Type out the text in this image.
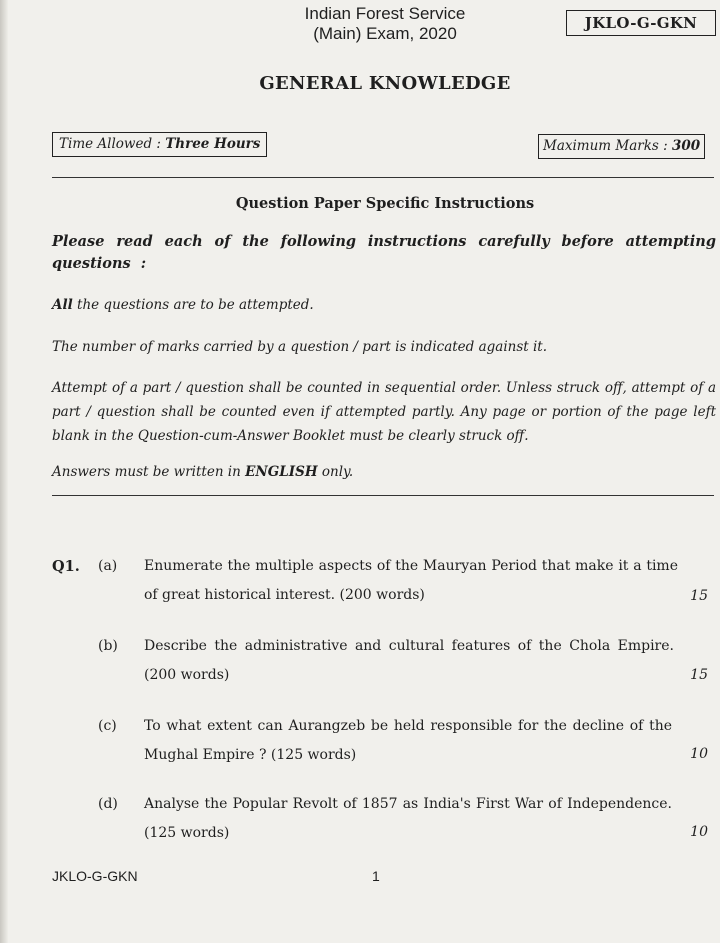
Indian Forest Service
(Main) Exam, 2020
JKLO-G-GKN
GENERAL KNOWLEDGE
Time Allowed : Three Hours	Maximum Marks : 300
Question Paper Specific Instructions
Please read each of the following instructions carefully before attempting questions :
All the questions are to be attempted.
The number of marks carried by a question / part is indicated against it.
Attempt of a part / question shall be counted in sequential order. Unless struck off, attempt of a part / question shall be counted even if attempted partly. Any page or portion of the page left blank in the Question-cum-Answer Booklet must be clearly struck off.
Answers must be written in ENGLISH only.
Q1. (a) Enumerate the multiple aspects of the Mauryan Period that make it a time of great historical interest. (200 words)	15
(b) Describe the administrative and cultural features of the Chola Empire. (200 words)	15
(c) To what extent can Aurangzeb be held responsible for the decline of the Mughal Empire ? (125 words)	10
(d) Analyse the Popular Revolt of 1857 as India's First War of Independence. (125 words)	10
JKLO-G-GKN	1
